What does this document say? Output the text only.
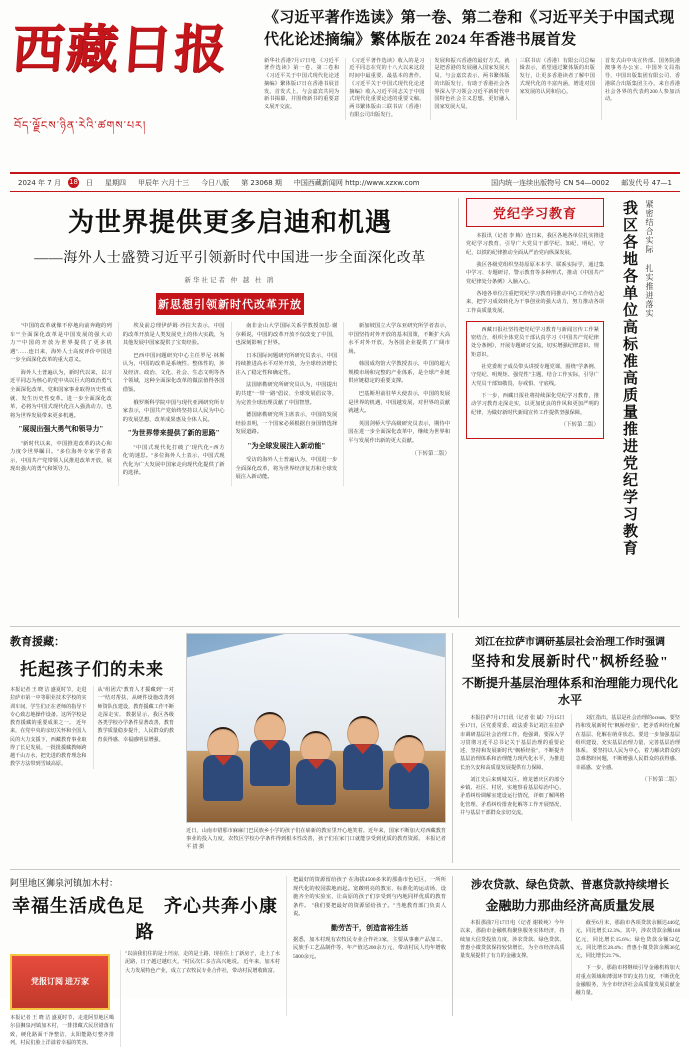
西藏日报
བོད་ལྗོངས་ཉིན་རེའི་ཚགས་པར།
《习近平著作选读》第一卷、第二卷和《习近平关于中国式现代化论述摘编》繁体版在 2024 年香港书展首发
新华社香港7月17日电 《习近平著作选读》第一卷、第二卷和《习近平关于中国式现代化论述摘编》繁体版17日在香港书展首发。首发式上，与会嘉宾共同为新书揭幕，并围绕新书的重要意义展开交流。
《习近平著作选读》收入的是习近平同志在党的十八大以来这段时间中最重要、最基本的著作。《习近平关于中国式现代化论述摘编》收入习近平同志关于中国式现代化重要论述的重要文稿。两书繁体版由三联书店（香港）有限公司出版发行。
发展和振兴香港的最好方式，就是把香港的发展融入国家发展大局。与会嘉宾表示，两书繁体版的出版发行，有助于香港社会各界深入学习领会习近平新时代中国特色社会主义思想，更好融入国家发展大局。
三联书店（香港）有限公司总编辑表示，希望通过繁体版的出版发行，让更多香港读者了解中国式现代化的丰富内涵，增进对国家发展的认同和信心。
首发式由中央宣传部、国务院港澳事务办公室、中国外文局指导，中国出版集团有限公司、香港联合出版集团主办。来自香港社会各界的代表约200人参加活动。
2024 年 7 月	18	日	星期四	甲辰年 六月十三	今日八版	第 23068 期	中国西藏新闻网 http://www.xzxw.com	国内统一连续出版物号 CN 54—0002	邮发代号 47—1
为世界提供更多启迪和机遇
——海外人士盛赞习近平引领新时代中国进一步全面深化改革
新华社记者 仲 越 杜 鹃
新思想引领新时代改革开放

"中国的改革就像不停地向前奔跑的列车""全面深化改革是中国发展的强大动力""中国的开放为世界提供了更多机遇"……连日来，海外人士高度评价中国进一步全面深化改革的重大意义。

海外人士普遍认为，新时代以来，以习近平同志为核心的党中央以巨大的政治勇气全面深化改革，党和国家事业取得历史性成就、发生历史性变革。进一步全面深化改革，必将为中国式现代化注入强劲动力，也将为世界发展带来更多机遇。

"展现出强大勇气和领导力"

"新时代以来，中国推进改革的决心和力度令世界瞩目。"多位海外专家学者表示，中国共产党带领人民推进改革开放，展现出强大的勇气和领导力。

埃及前总理伊萨姆·沙拉夫表示，中国的改革开放是人类发展史上的伟大实践，为其他发展中国家提供了宝贵经验。

巴西中国问题研究中心主任罗尼·林斯认为，中国的改革是系统性、整体性的，涉及经济、政治、文化、社会、生态文明等各个领域，这种全面深化改革的做法值得各国借鉴。

俄罗斯科学院中国与现代亚洲研究所专家表示，中国共产党始终坚持以人民为中心的发展思想，改革成果惠及全体人民。

"为世界带来提供了新的思路"

"中国式现代化打破了'现代化=西方化'的迷思。"多位海外人士表示，中国式现代化为广大发展中国家走向现代化提供了新的选择。

南非金山大学国际关系学教授加思·谢尔顿说，中国的改革开放不仅改变了中国，也深刻影响了世界。

日本国际问题研究所研究员表示，中国持续推进高水平对外开放，为全球经济增长注入了稳定性和确定性。

法国席勒研究所研究员认为，中国提出的共建"一带一路"倡议、全球发展倡议等，为完善全球治理贡献了中国智慧。

德国席勒研究所主席表示，中国的发展经验表明，一个国家必须根据自身国情选择发展道路。

"为全球发展注入新动能"

受访的海外人士普遍认为，中国进一步全面深化改革，将为世界经济复苏和全球发展注入新动能。

新加坡国立大学东亚研究所学者表示，中国坚持对外开放的基本国策，不断扩大高水平对外开放，为各国企业提供了广阔市场。

韩国成均馆大学教授表示，中国的超大规模市场和完整的产业体系，是全球产业链供应链稳定的重要支撑。

巴基斯坦前驻华大使表示，中国的发展是世界的机遇，中国越发展，对世界的贡献就越大。

英国剑桥大学高级研究员表示，期待中国在进一步全面深化改革中，继续为世界和平与发展作出新的更大贡献。

（下转第二版）

党纪学习教育

本报讯（记者 李 梅）连日来，我区各地各单位扎实推进党纪学习教育，引导广大党员干部学纪、知纪、明纪、守纪，以铁的纪律推动全面从严治党向纵深发展。

我区各级党组织坚持原原本本学、联系实际学，通过集中学习、专题研讨、警示教育等多种形式，推动《中国共产党纪律处分条例》入脑入心。

各地各单位注重把党纪学习教育同推动中心工作结合起来，把学习成效转化为干事创业的强大动力，努力推动各项工作高质量发展。

西藏日报社坚持把党纪学习教育与新闻宣传工作紧密结合，组织全体党员干部认真学习《中国共产党纪律处分条例》，开展专题研讨交流，切实增强纪律意识、规矩意识。

社党委班子成员带头讲授专题党课，围绕"学条例、守党纪、明规矩、强党性"主题，结合工作实际，引导广大党员干部知敬畏、存戒惧、守底线。

下一步，西藏日报社将持续深化党纪学习教育，推动学习教育走深走实，以更加优良的作风和更加严明的纪律，为做好新时代新闻宣传工作提供坚强保障。

（下转第二版）	我区各地各单位高标准高质量推进党纪学习教育	紧密结合实际 扎实推进落实
教育援藏：
托起孩子们的未来
本报记者 王 晓 洁 盛夏时节，走进拉萨市第一中等职业技术学校的实训车间，学生们正在老师的指导下专心致志地操作设备。这所学校是教育援藏的重要成果之一。 近年来，在党中央的亲切关怀和全国人民的大力支援下，西藏教育事业取得了长足发展。一批批援藏教师跨越千山万水，把先进的教育理念和教学方法带到雪域高原。
从"组团式"教育人才援藏到"一对一"结对帮扶，从硬件设施改善到师资队伍建设，教育援藏工作不断走深走实。 数据显示，我区各级各类学校办学条件显著改善，教育教学质量稳步提升，人民群众的教育获得感、幸福感明显增强。
近日，山南市错那市麻麻门巴民族乡小学的孩子们在崭新的教室里开心地笑着。近年来，国家不断加大对西藏教育事业的投入力度，农牧区学校办学条件得到根本性改善，孩子们在家门口就能享受到优质的教育资源。 本报记者 平 措 摄
刘江在拉萨市调研基层社会治理工作时强调
坚持和发展新时代"枫桥经验"
不断提升基层治理体系和治理能力现代化水平

本报拉萨7月17日讯（记者 张 斌）7月15日至17日，区党委常委、政法委书记刘江在拉萨市调研基层社会治理工作。他强调，要深入学习贯彻习近平总书记关于基层治理的重要论述，坚持和发展新时代"枫桥经验"，不断提升基层治理体系和治理能力现代化水平，为推进长治久安和高质量发展提供有力保障。

刘江先后来到城关区、堆龙德庆区的部分乡镇、社区、村居，实地察看基层综治中心、矛盾纠纷调解室建设运行情况，详细了解网格化管理、矛盾纠纷排查化解等工作开展情况，并与基层干部群众亲切交流。

刘江指出，基层是社会治理的основ。要坚持和发展新时代"枫桥经验"，把矛盾纠纷化解在基层、化解在萌芽状态。要进一步加强基层组织建设，充实基层治理力量，完善基层治理体系。 要坚持以人民为中心，着力解决群众的急难愁盼问题，不断增强人民群众的获得感、幸福感、安全感。

（下转第二版）

阿里地区狮泉河镇加木村：
幸福生活成色足　齐心共奔小康路
党报订阅 进万家
本报记者 王 晓 洁 盛夏时节，走进阿里地区噶尔县狮泉河镇加木村，一排排藏式民居错落有致，硬化路面干净整洁，太阳能路灯整齐排列，村民们脸上洋溢着幸福的笑容。
"以前我们住的是土坯房，走的是土路，现在住上了新房子，走上了水泥路，日子越过越红火。"村民次仁多吉高兴地说。 近年来，加木村大力发展特色产业，成立了农牧民专业合作社，带动村民增收致富。
把最好的资源留给孩子 在海拔4500多米的那曲市色尼区，一所所现代化的校园拔地而起。宽敞明亮的教室、标准化的运动场、设施齐全的实验室，让高原的孩子们享受到与内地同样优质的教育条件。 "我们要把最好的资源留给孩子。"当地教育部门负责人说。
勤劳苦干，创造富裕生活
据悉，加木村现有农牧民专业合作社3家，主要从事畜产品加工、民族手工艺品制作等，年产值达200余万元，带动村民人均年增收5000余元。
涉农贷款、绿色贷款、普惠贷款持续增长
金融助力那曲经济高质量发展

本报那曲7月17日电（记者 谢筱纯）今年以来，那曲市金融机构聚焦服务实体经济，持续加大信贷投放力度，涉农贷款、绿色贷款、普惠小微贷款保持较快增长，为全市经济高质量发展提供了有力的金融支撑。

截至6月末，那曲市各项贷款余额达446亿元，同比增长12.3%。其中，涉农贷款余额168亿元，同比增长15.6%；绿色贷款余额52亿元，同比增长28.4%；普惠小微贷款余额36亿元，同比增长21.7%。

下一步，那曲市将继续引导金融机构加大对重点领域和薄弱环节的支持力度，不断优化金融服务，为全市经济社会高质量发展贡献金融力量。
